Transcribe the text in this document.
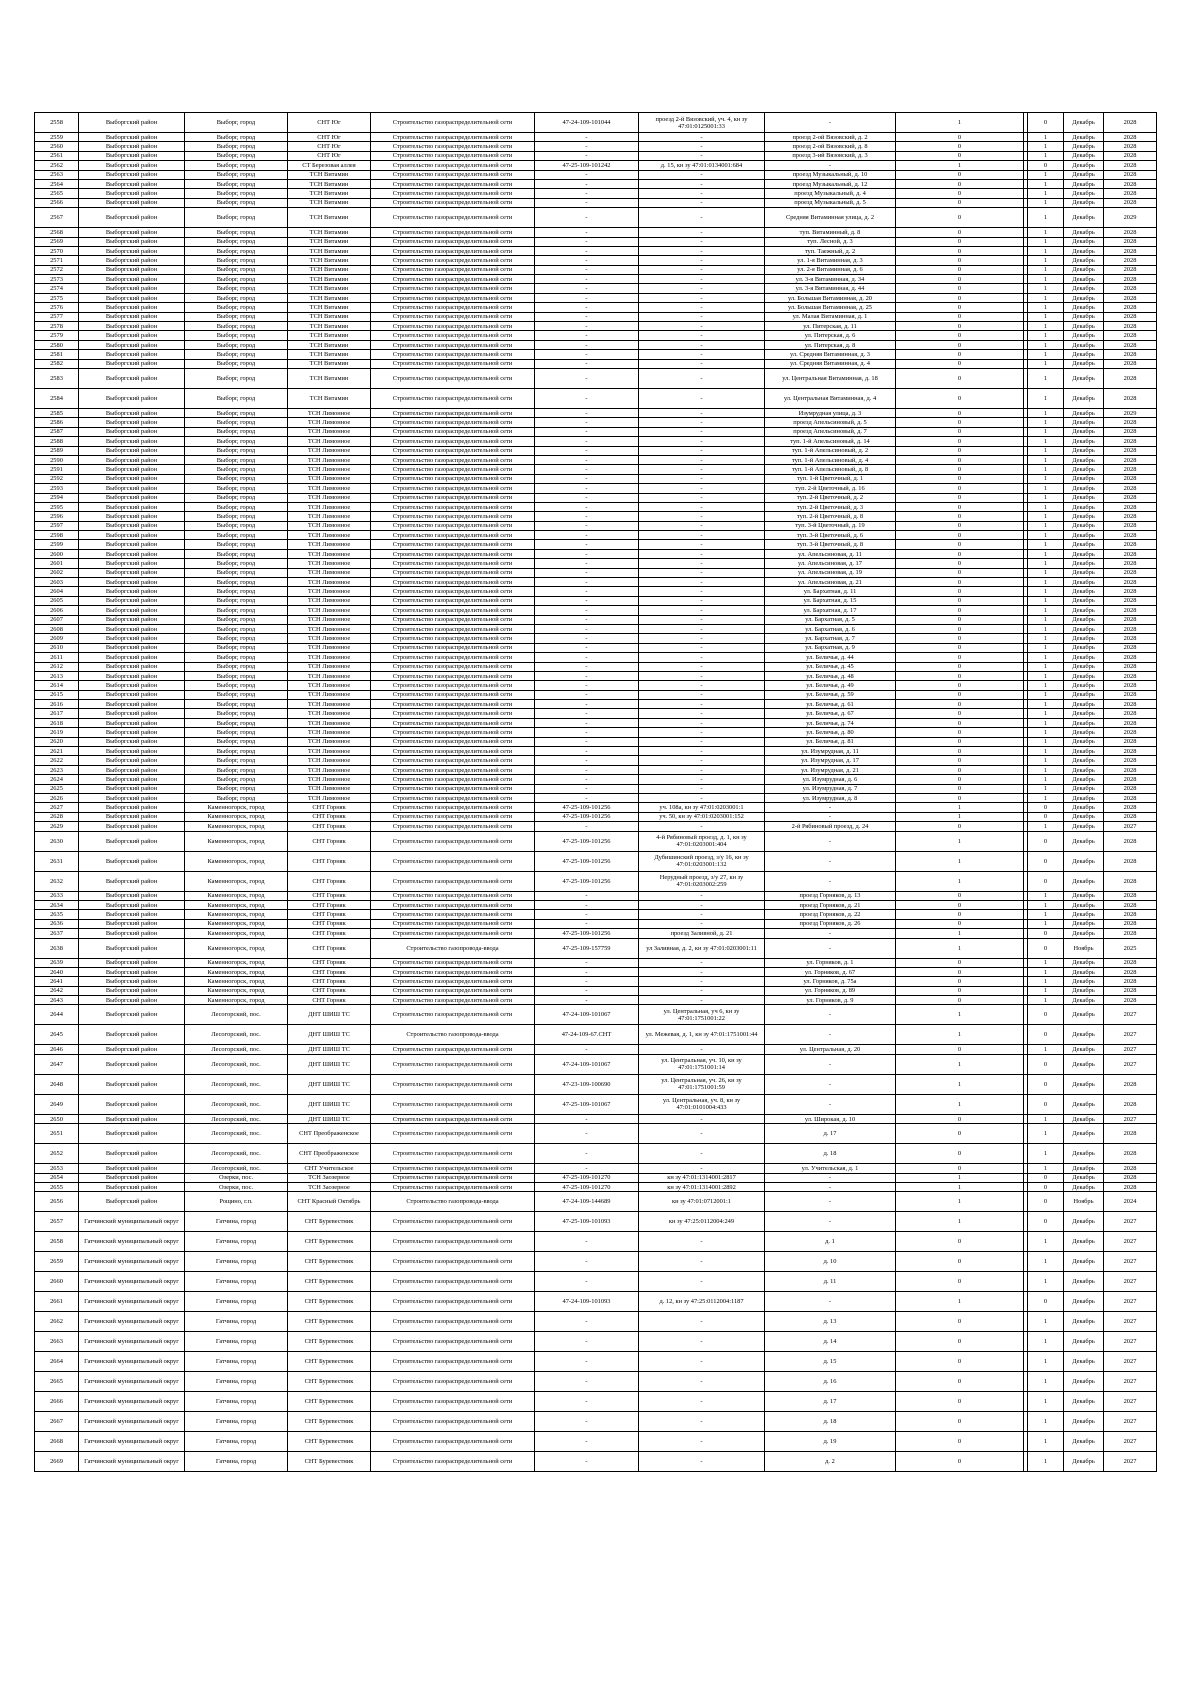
2558	Выборгский район	Выборг, город	СНТ Юг	Строительство газораспределительной сети	47-24-109-101044	проезд 2-й Вязовский, уч. 4, кн зу 47:01:0125001:33	-	1		0	Декабрь	2028
2559	Выборгский район	Выборг, город	СНТ Юг	Строительство газораспределительной сети	-	-	проезд 2-ой Вязовский, д. 2	0		1	Декабрь	2028
2560	Выборгский район	Выборг, город	СНТ Юг	Строительство газораспределительной сети	-	-	проезд 2-ой Вязовский, д. 8	0		1	Декабрь	2028
2561	Выборгский район	Выборг, город	СНТ Юг	Строительство газораспределительной сети	-	-	проезд 3-ий Вязовский, д. 3	0		1	Декабрь	2028
2562	Выборгский район	Выборг, город	СТ Березовая аллея	Строительство газораспределительной сети	47-25-109-101242	д. 15, кн зу 47:01:0134001:684	-	1		0	Декабрь	2028
2563	Выборгский район	Выборг, город	ТСН Витамин	Строительство газораспределительной сети	-	-	проезд Музыкальный, д. 10	0		1	Декабрь	2028
2564	Выборгский район	Выборг, город	ТСН Витамин	Строительство газораспределительной сети	-	-	проезд Музыкальный, д. 12	0		1	Декабрь	2028
2565	Выборгский район	Выборг, город	ТСН Витамин	Строительство газораспределительной сети	-	-	проезд Музыкальный, д. 4	0		1	Декабрь	2028
2566	Выборгский район	Выборг, город	ТСН Витамин	Строительство газораспределительной сети	-	-	проезд Музыкальный, д. 5	0		1	Декабрь	2028
2567	Выборгский район	Выборг, город	ТСН Витамин	Строительство газораспределительной сети	-	-	Средняя Витаминная улица, д. 2	0		1	Декабрь	2029
2568	Выборгский район	Выборг, город	ТСН Витамин	Строительство газораспределительной сети	-	-	туп. Витаминный, д. 8	0		1	Декабрь	2028
2569	Выборгский район	Выборг, город	ТСН Витамин	Строительство газораспределительной сети	-	-	туп. Лесной, д. 3	0		1	Декабрь	2028
2570	Выборгский район	Выборг, город	ТСН Витамин	Строительство газораспределительной сети	-	-	туп. Таежный, д. 2	0		1	Декабрь	2028
2571	Выборгский район	Выборг, город	ТСН Витамин	Строительство газораспределительной сети	-	-	ул. 1-я Витаминная, д. 3	0		1	Декабрь	2028
2572	Выборгский район	Выборг, город	ТСН Витамин	Строительство газораспределительной сети	-	-	ул. 2-я Витаминная, д. 6	0		1	Декабрь	2028
2573	Выборгский район	Выборг, город	ТСН Витамин	Строительство газораспределительной сети	-	-	ул. 3-я Витаминная, д. 34	0		1	Декабрь	2028
2574	Выборгский район	Выборг, город	ТСН Витамин	Строительство газораспределительной сети	-	-	ул. 3-я Витаминная, д. 44	0		1	Декабрь	2028
2575	Выборгский район	Выборг, город	ТСН Витамин	Строительство газораспределительной сети	-	-	ул. Большая Витаминная, д. 20	0		1	Декабрь	2028
2576	Выборгский район	Выборг, город	ТСН Витамин	Строительство газораспределительной сети	-	-	ул. Большая Витаминная, д. 25	0		1	Декабрь	2028
2577	Выборгский район	Выборг, город	ТСН Витамин	Строительство газораспределительной сети	-	-	ул. Малая Витаминная, д. 1	0		1	Декабрь	2028
2578	Выборгский район	Выборг, город	ТСН Витамин	Строительство газораспределительной сети	-	-	ул. Питерская, д. 11	0		1	Декабрь	2028
2579	Выборгский район	Выборг, город	ТСН Витамин	Строительство газораспределительной сети	-	-	ул. Питерская, д. 6	0		1	Декабрь	2028
2580	Выборгский район	Выборг, город	ТСН Витамин	Строительство газораспределительной сети	-	-	ул. Питерская, д. 8	0		1	Декабрь	2028
2581	Выборгский район	Выборг, город	ТСН Витамин	Строительство газораспределительной сети	-	-	ул. Средняя Витаминная, д. 3	0		1	Декабрь	2028
2582	Выборгский район	Выборг, город	ТСН Витамин	Строительство газораспределительной сети	-	-	ул. Средняя Витаминная, д. 4	0		1	Декабрь	2028
2583	Выборгский район	Выборг, город	ТСН Витамин	Строительство газораспределительной сети	-	-	ул. Центральная Витаминная, д. 18	0		1	Декабрь	2028
2584	Выборгский район	Выборг, город	ТСН Витамин	Строительство газораспределительной сети	-	-	ул. Центральная Витаминная, д. 4	0		1	Декабрь	2028
2585	Выборгский район	Выборг, город	ТСН Лимонное	Строительство газораспределительной сети	-	-	Изумрудная улица, д. 3	0		1	Декабрь	2029
2586	Выборгский район	Выборг, город	ТСН Лимонное	Строительство газораспределительной сети	-	-	проезд Апельсиновый, д. 5	0		1	Декабрь	2028
2587	Выборгский район	Выборг, город	ТСН Лимонное	Строительство газораспределительной сети	-	-	проезд Апельсиновый, д. 7	0		1	Декабрь	2028
2588	Выборгский район	Выборг, город	ТСН Лимонное	Строительство газораспределительной сети	-	-	туп. 1-й Апельсиновый, д. 14	0		1	Декабрь	2028
2589	Выборгский район	Выборг, город	ТСН Лимонное	Строительство газораспределительной сети	-	-	туп. 1-й Апельсиновый, д. 2	0		1	Декабрь	2028
2590	Выборгский район	Выборг, город	ТСН Лимонное	Строительство газораспределительной сети	-	-	туп. 1-й Апельсиновый, д. 4	0		1	Декабрь	2028
2591	Выборгский район	Выборг, город	ТСН Лимонное	Строительство газораспределительной сети	-	-	туп. 1-й Апельсиновый, д. 8	0		1	Декабрь	2028
2592	Выборгский район	Выборг, город	ТСН Лимонное	Строительство газораспределительной сети	-	-	туп. 1-й Цветочный, д. 1	0		1	Декабрь	2028
2593	Выборгский район	Выборг, город	ТСН Лимонное	Строительство газораспределительной сети	-	-	туп. 2-й Цветочный, д. 16	0		1	Декабрь	2028
2594	Выборгский район	Выборг, город	ТСН Лимонное	Строительство газораспределительной сети	-	-	туп. 2-й Цветочный, д. 2	0		1	Декабрь	2028
2595	Выборгский район	Выборг, город	ТСН Лимонное	Строительство газораспределительной сети	-	-	туп. 2-й Цветочный, д. 3	0		1	Декабрь	2028
2596	Выборгский район	Выборг, город	ТСН Лимонное	Строительство газораспределительной сети	-	-	туп. 2-й Цветочный, д. 8	0		1	Декабрь	2028
2597	Выборгский район	Выборг, город	ТСН Лимонное	Строительство газораспределительной сети	-	-	туп. 3-й Цветочный, д. 19	0		1	Декабрь	2028
2598	Выборгский район	Выборг, город	ТСН Лимонное	Строительство газораспределительной сети	-	-	туп. 3-й Цветочный, д. 6	0		1	Декабрь	2028
2599	Выборгский район	Выборг, город	ТСН Лимонное	Строительство газораспределительной сети	-	-	туп. 3-й Цветочный, д. 8	0		1	Декабрь	2028
2600	Выборгский район	Выборг, город	ТСН Лимонное	Строительство газораспределительной сети	-	-	ул. Апельсиновая, д. 11	0		1	Декабрь	2028
2601	Выборгский район	Выборг, город	ТСН Лимонное	Строительство газораспределительной сети	-	-	ул. Апельсиновая, д. 17	0		1	Декабрь	2028
2602	Выборгский район	Выборг, город	ТСН Лимонное	Строительство газораспределительной сети	-	-	ул. Апельсиновая, д. 19	0		1	Декабрь	2028
2603	Выборгский район	Выборг, город	ТСН Лимонное	Строительство газораспределительной сети	-	-	ул. Апельсиновая, д. 21	0		1	Декабрь	2028
2604	Выборгский район	Выборг, город	ТСН Лимонное	Строительство газораспределительной сети	-	-	ул. Бархатная, д. 11	0		1	Декабрь	2028
2605	Выборгский район	Выборг, город	ТСН Лимонное	Строительство газораспределительной сети	-	-	ул. Бархатная, д. 15	0		1	Декабрь	2028
2606	Выборгский район	Выборг, город	ТСН Лимонное	Строительство газораспределительной сети	-	-	ул. Бархатная, д. 17	0		1	Декабрь	2028
2607	Выборгский район	Выборг, город	ТСН Лимонное	Строительство газораспределительной сети	-	-	ул. Бархатная, д. 5	0		1	Декабрь	2028
2608	Выборгский район	Выборг, город	ТСН Лимонное	Строительство газораспределительной сети	-	-	ул. Бархатная, д. 6	0		1	Декабрь	2028
2609	Выборгский район	Выборг, город	ТСН Лимонное	Строительство газораспределительной сети	-	-	ул. Бархатная, д. 7	0		1	Декабрь	2028
2610	Выборгский район	Выборг, город	ТСН Лимонное	Строительство газораспределительной сети	-	-	ул. Бархатная, д. 9	0		1	Декабрь	2028
2611	Выборгский район	Выборг, город	ТСН Лимонное	Строительство газораспределительной сети	-	-	ул. Беличья, д. 44	0		1	Декабрь	2028
2612	Выборгский район	Выборг, город	ТСН Лимонное	Строительство газораспределительной сети	-	-	ул. Беличья, д. 45	0		1	Декабрь	2028
2613	Выборгский район	Выборг, город	ТСН Лимонное	Строительство газораспределительной сети	-	-	ул. Беличья, д. 48	0		1	Декабрь	2028
2614	Выборгский район	Выборг, город	ТСН Лимонное	Строительство газораспределительной сети	-	-	ул. Беличья, д. 49	0		1	Декабрь	2028
2615	Выборгский район	Выборг, город	ТСН Лимонное	Строительство газораспределительной сети	-	-	ул. Беличья, д. 59	0		1	Декабрь	2028
2616	Выборгский район	Выборг, город	ТСН Лимонное	Строительство газораспределительной сети	-	-	ул. Беличья, д. 61	0		1	Декабрь	2028
2617	Выборгский район	Выборг, город	ТСН Лимонное	Строительство газораспределительной сети	-	-	ул. Беличья, д. 67	0		1	Декабрь	2028
2618	Выборгский район	Выборг, город	ТСН Лимонное	Строительство газораспределительной сети	-	-	ул. Беличья, д. 74	0		1	Декабрь	2028
2619	Выборгский район	Выборг, город	ТСН Лимонное	Строительство газораспределительной сети	-	-	ул. Беличья, д. 80	0		1	Декабрь	2028
2620	Выборгский район	Выборг, город	ТСН Лимонное	Строительство газораспределительной сети	-	-	ул. Беличья, д. 81	0		1	Декабрь	2028
2621	Выборгский район	Выборг, город	ТСН Лимонное	Строительство газораспределительной сети	-	-	ул. Изумрудная, д. 11	0		1	Декабрь	2028
2622	Выборгский район	Выборг, город	ТСН Лимонное	Строительство газораспределительной сети	-	-	ул. Изумрудная, д. 17	0		1	Декабрь	2028
2623	Выборгский район	Выборг, город	ТСН Лимонное	Строительство газораспределительной сети	-	-	ул. Изумрудная, д. 21	0		1	Декабрь	2028
2624	Выборгский район	Выборг, город	ТСН Лимонное	Строительство газораспределительной сети	-	-	ул. Изумрудная, д. 6	0		1	Декабрь	2028
2625	Выборгский район	Выборг, город	ТСН Лимонное	Строительство газораспределительной сети	-	-	ул. Изумрудная, д. 7	0		1	Декабрь	2028
2626	Выборгский район	Выборг, город	ТСН Лимонное	Строительство газораспределительной сети	-	-	ул. Изумрудная, д. 8	0		1	Декабрь	2028
2627	Выборгский район	Каменногорск, город	СНТ Горняк	Строительство газораспределительной сети	47-25-109-101256	уч. 108а, кн зу 47:01:0203001:1	-	1		0	Декабрь	2028
2628	Выборгский район	Каменногорск, город	СНТ Горняк	Строительство газораспределительной сети	47-25-109-101256	уч. 50, кн зу 47:01:0203001:152	-	1		0	Декабрь	2028
2629	Выборгский район	Каменногорск, город	СНТ Горняк	Строительство газораспределительной сети	-	-	2-й Рябиновый проезд, д. 24	0		1	Декабрь	2027
2630	Выборгский район	Каменногорск, город	СНТ Горняк	Строительство газораспределительной сети	47-25-109-101256	4-й Рябиновый проезд, д. 1, кн зу 47:01:0203001:404	-	1		0	Декабрь	2028
2631	Выборгский район	Каменногорск, город	СНТ Горняк	Строительство газораспределительной сети	47-25-109-101256	Дубишинский проезд, з/у 16, кн зу 47:01:0203001:132	-	1		0	Декабрь	2028
2632	Выборгский район	Каменногорск, город	СНТ Горняк	Строительство газораспределительной сети	47-25-109-101256	Нерудный проезд, з/у 27, кн зу 47:01:0203002:259	-	1		0	Декабрь	2028
2633	Выборгский район	Каменногорск, город	СНТ Горняк	Строительство газораспределительной сети	-	-	проезд Горняков, д. 13	0		1	Декабрь	2028
2634	Выборгский район	Каменногорск, город	СНТ Горняк	Строительство газораспределительной сети	-	-	проезд Горняков, д. 21	0		1	Декабрь	2028
2635	Выборгский район	Каменногорск, город	СНТ Горняк	Строительство газораспределительной сети	-	-	проезд Горняков, д. 22	0		1	Декабрь	2028
2636	Выборгский район	Каменногорск, город	СНТ Горняк	Строительство газораспределительной сети	-	-	проезд Горняков, д. 26	0		1	Декабрь	2028
2637	Выборгский район	Каменногорск, город	СНТ Горняк	Строительство газораспределительной сети	47-25-109-101256	проезд Заливной, д. 21	-	1		0	Декабрь	2028
2638	Выборгский район	Каменногорск, город	СНТ Горняк	Строительство газопровода-ввода	47-25-109-157759	ул Заливная, д. 2, кн зу 47:01:0203001:11	-	1		0	Ноябрь	2025
2639	Выборгский район	Каменногорск, город	СНТ Горняк	Строительство газораспределительной сети	-	-	ул. Горняков, д. 1	0		1	Декабрь	2028
2640	Выборгский район	Каменногорск, город	СНТ Горняк	Строительство газораспределительной сети	-	-	ул. Горняков, д. 67	0		1	Декабрь	2028
2641	Выборгский район	Каменногорск, город	СНТ Горняк	Строительство газораспределительной сети	-	-	ул. Горняков, д. 75а	0		1	Декабрь	2028
2642	Выборгский район	Каменногорск, город	СНТ Горняк	Строительство газораспределительной сети	-	-	ул. Горняков, д. 89	0		1	Декабрь	2028
2643	Выборгский район	Каменногорск, город	СНТ Горняк	Строительство газораспределительной сети	-	-	ул. Горняков, д. 9	0		1	Декабрь	2028
2644	Выборгский район	Лесогорский, пос.	ДНТ ШИШ ТС	Строительство газораспределительной сети	47-24-109-101067	ул. Центральная, уч 6, кн зу 47:01:1751001:22	-	1		0	Декабрь	2027
2645	Выборгский район	Лесогорский, пос.	ДНТ ШИШ ТС	Строительство газопровода-ввода	47-24-109-67.СНТ	ул. Межевая, д. 1, кн зу 47:01:1751001:44	-	1		0	Декабрь	2027
2646	Выборгский район	Лесогорский, пос.	ДНТ ШИШ ТС	Строительство газораспределительной сети	-	-	ул. Центральная, д. 20	0		1	Декабрь	2027
2647	Выборгский район	Лесогорский, пос.	ДНТ ШИШ ТС	Строительство газораспределительной сети	47-24-109-101067	ул. Центральная, уч. 10, кн зу 47:01:1751001:14	-	1		0	Декабрь	2027
2648	Выборгский район	Лесогорский, пос.	ДНТ ШИШ ТС	Строительство газораспределительной сети	47-23-109-100690	ул. Центральная, уч. 26, кн зу 47:01:1751001:59	-	1		0	Декабрь	2028
2649	Выборгский район	Лесогорский, пос.	ДНТ ШИШ ТС	Строительство газораспределительной сети	47-25-109-101067	ул. Центральная, уч. 8, кн зу 47:01:0101004:433	-	1		0	Декабрь	2028
2650	Выборгский район	Лесогорский, пос.	ДНТ ШИШ ТС	Строительство газораспределительной сети	-	-	ул. Широкая, д. 10	0		1	Декабрь	2027
2651	Выборгский район	Лесогорский, пос.	СНТ Преображенское	Строительство газораспределительной сети	-	-	д. 17	0		1	Декабрь	2028
2652	Выборгский район	Лесогорский, пос.	СНТ Преображенское	Строительство газораспределительной сети	-	-	д. 18	0		1	Декабрь	2028
2653	Выборгский район	Лесогорский, пос.	СНТ Учительское	Строительство газораспределительной сети	-	-	ул. Учительская, д. 1	0		1	Декабрь	2028
2654	Выборгский район	Озерки, пос.	ТСН Заозерное	Строительство газораспределительной сети	47-25-109-101270	кн зу 47:01:1314001:2817	-	1		0	Декабрь	2028
2655	Выборгский район	Озерки, пос.	ТСН Заозерное	Строительство газораспределительной сети	47-25-109-101270	кн зу 47:01:1314001:2892	-	1		0	Декабрь	2028
2656	Выборгский район	Рощино, г.п.	СНТ Красный Октябрь	Строительство газопровода-ввода	47-24-109-144689	кн зу 47:01:0712001:1	-	1		0	Ноябрь	2024
2657	Гатчинский муниципальный округ	Гатчина, город	СНТ Буревестник	Строительство газораспределительной сети	47-25-109-101093	кн зу 47:25:0112004:249	-	1		0	Декабрь	2027
2658	Гатчинский муниципальный округ	Гатчина, город	СНТ Буревестник	Строительство газораспределительной сети	-	-	д. 1	0		1	Декабрь	2027
2659	Гатчинский муниципальный округ	Гатчина, город	СНТ Буревестник	Строительство газораспределительной сети	-	-	д. 10	0		1	Декабрь	2027
2660	Гатчинский муниципальный округ	Гатчина, город	СНТ Буревестник	Строительство газораспределительной сети	-	-	д. 11	0		1	Декабрь	2027
2661	Гатчинский муниципальный округ	Гатчина, город	СНТ Буревестник	Строительство газораспределительной сети	47-24-109-101093	д. 12, кн зу 47:25:0112004:1187	-	1		0	Декабрь	2027
2662	Гатчинский муниципальный округ	Гатчина, город	СНТ Буревестник	Строительство газораспределительной сети	-	-	д. 13	0		1	Декабрь	2027
2663	Гатчинский муниципальный округ	Гатчина, город	СНТ Буревестник	Строительство газораспределительной сети	-	-	д. 14	0		1	Декабрь	2027
2664	Гатчинский муниципальный округ	Гатчина, город	СНТ Буревестник	Строительство газораспределительной сети	-	-	д. 15	0		1	Декабрь	2027
2665	Гатчинский муниципальный округ	Гатчина, город	СНТ Буревестник	Строительство газораспределительной сети	-	-	д. 16	0		1	Декабрь	2027
2666	Гатчинский муниципальный округ	Гатчина, город	СНТ Буревестник	Строительство газораспределительной сети	-	-	д. 17	0		1	Декабрь	2027
2667	Гатчинский муниципальный округ	Гатчина, город	СНТ Буревестник	Строительство газораспределительной сети	-	-	д. 18	0		1	Декабрь	2027
2668	Гатчинский муниципальный округ	Гатчина, город	СНТ Буревестник	Строительство газораспределительной сети	-	-	д. 19	0		1	Декабрь	2027
2669	Гатчинский муниципальный округ	Гатчина, город	СНТ Буревестник	Строительство газораспределительной сети	-	-	д. 2	0		1	Декабрь	2027
